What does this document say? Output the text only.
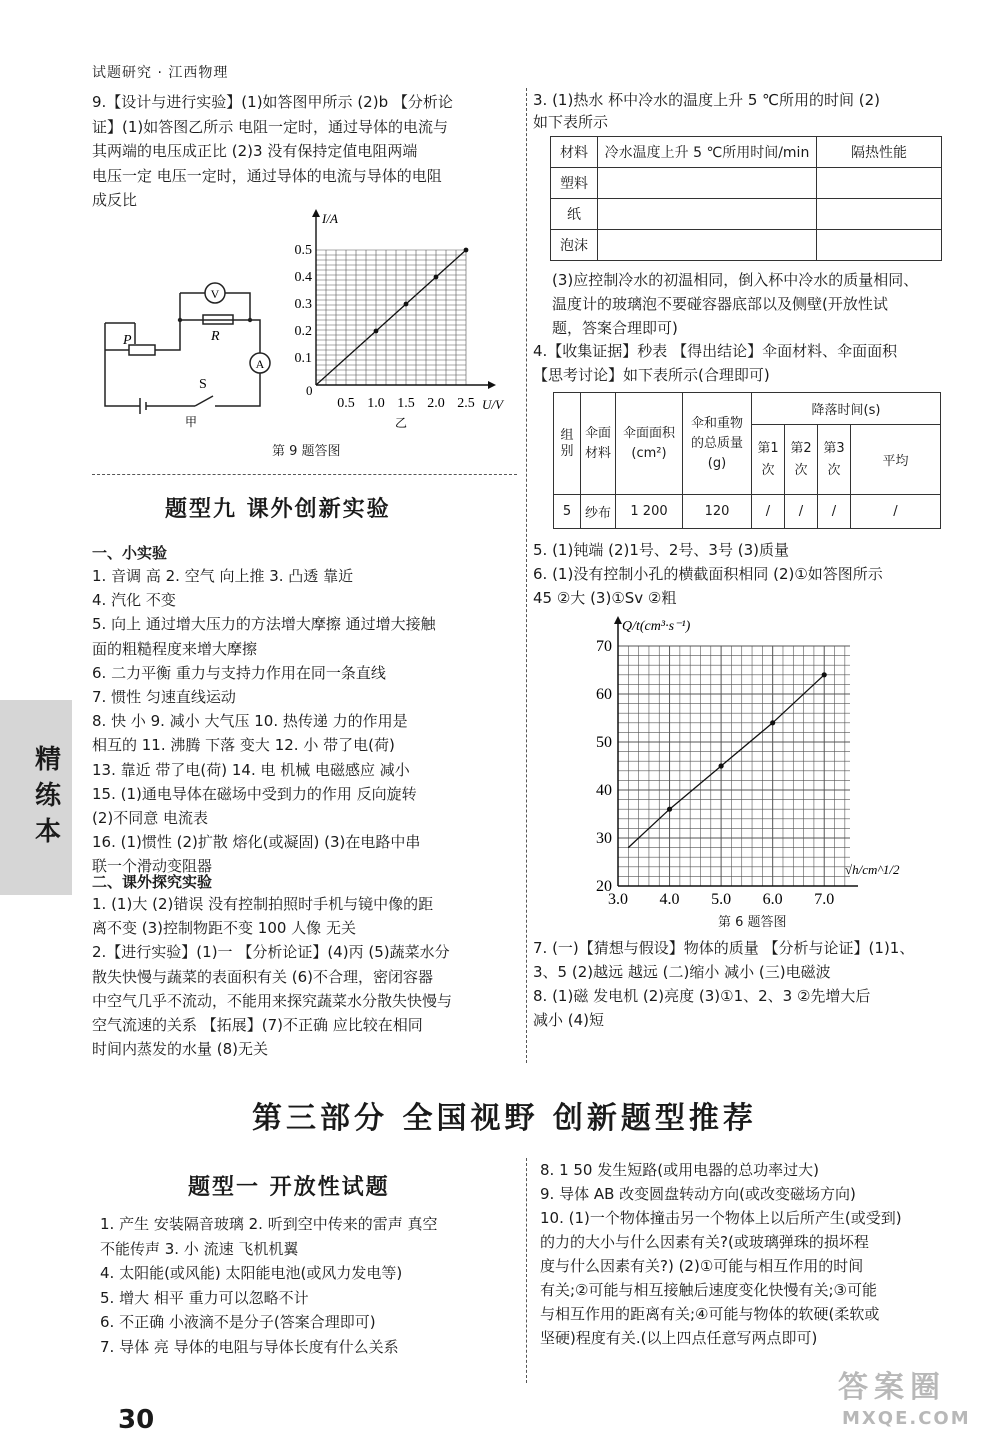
试题研究 · 江西物理
9.【设计与进行实验】(1)如答图甲所示 (2)b 【分析论
证】(1)如答图乙所示 电阻一定时，通过导体的电流与
其两端的电压成正比 (2)3 没有保持定值电阻两端
电压一定 电压一定时，通过导体的电流与导体的电阻
成反比
V
A
P	R
S
甲
I/A
U/V
0
0.1
0.2
0.3
0.4
0.5
0.5 1.0 1.5 2.0 2.5
乙
第 9 题答图
题型九 课外创新实验
一、小实验
1. 音调 高 2. 空气 向上推 3. 凸透 靠近
4. 汽化 不变
5. 向上 通过增大压力的方法增大摩擦 通过增大接触
面的粗糙程度来增大摩擦
6. 二力平衡 重力与支持力作用在同一条直线
7. 惯性 匀速直线运动
8. 快 小 9. 减小 大气压 10. 热传递 力的作用是
相互的 11. 沸腾 下落 变大 12. 小 带了电(荷)
13. 靠近 带了电(荷) 14. 电 机械 电磁感应 减小
15. (1)通电导体在磁场中受到力的作用 反向旋转
(2)不同意 电流表
16. (1)惯性 (2)扩散 熔化(或凝固) (3)在电路中串
联一个滑动变阻器
二、课外探究实验
1. (1)大 (2)错误 没有控制拍照时手机与镜中像的距
离不变 (3)控制物距不变 100 人像 无关
2.【进行实验】(1)一 【分析论证】(4)丙 (5)蔬菜水分
散失快慢与蔬菜的表面积有关 (6)不合理，密闭容器
中空气几乎不流动，不能用来探究蔬菜水分散失快慢与
空气流速的关系 【拓展】(7)不正确 应比较在相同
时间内蒸发的水量 (8)无关
精
练
本
3. (1)热水 杯中冷水的温度上升 5 ℃所用的时间 (2)
如下表所示
材料	冷水温度上升 5 ℃所用时间/min	隔热性能
塑料		
纸		
泡沫		
(3)应控制冷水的初温相同，倒入杯中冷水的质量相同、
温度计的玻璃泡不要碰容器底部以及侧壁(开放性试
题，答案合理即可)
4.【收集证据】秒表 【得出结论】伞面材料、伞面面积
【思考讨论】如下表所示(合理即可)
组别	伞面材料	伞面面积(cm²)	伞和重物的总质量(g)	降落时间(s)			
				第1次	第2次	第3次	平均
5	纱布	1 200	120	/	/	/	/
5. (1)钝端 (2)1号、2号、3号 (3)质量
6. (1)没有控制小孔的横截面积相同 (2)①如答图所示
45 ②大 (3)①Sv ②粗
Q/t(cm³·s⁻¹)
√h/cm^1/2
20
30
40
50
60
70
3.0 4.0 5.0 6.0 7.0
第 6 题答图
7. (一)【猜想与假设】物体的质量 【分析与论证】(1)1、
3、5 (2)越远 越远 (二)缩小 减小 (三)电磁波
8. (1)磁 发电机 (2)亮度 (3)①1、2、3 ②先增大后
减小 (4)短
第三部分 全国视野 创新题型推荐
题型一 开放性试题
1. 产生 安装隔音玻璃 2. 听到空中传来的雷声 真空
不能传声 3. 小 流速 飞机机翼
4. 太阳能(或风能) 太阳能电池(或风力发电等)
5. 增大 相平 重力可以忽略不计
6. 不正确 小液滴不是分子(答案合理即可)
7. 导体 亮 导体的电阻与导体长度有什么关系
8. 1 50 发生短路(或用电器的总功率过大)
9. 导体 AB 改变圆盘转动方向(或改变磁场方向)
10. (1)一个物体撞击另一个物体上以后所产生(或受到)
的力的大小与什么因素有关?(或玻璃弹珠的损坏程
度与什么因素有关?) (2)①可能与相互作用的时间
有关;②可能与相互接触后速度变化快慢有关;③可能
与相互作用的距离有关;④可能与物体的软硬(柔软或
坚硬)程度有关.(以上四点任意写两点即可)
30
答案圈
MXQE.COM
